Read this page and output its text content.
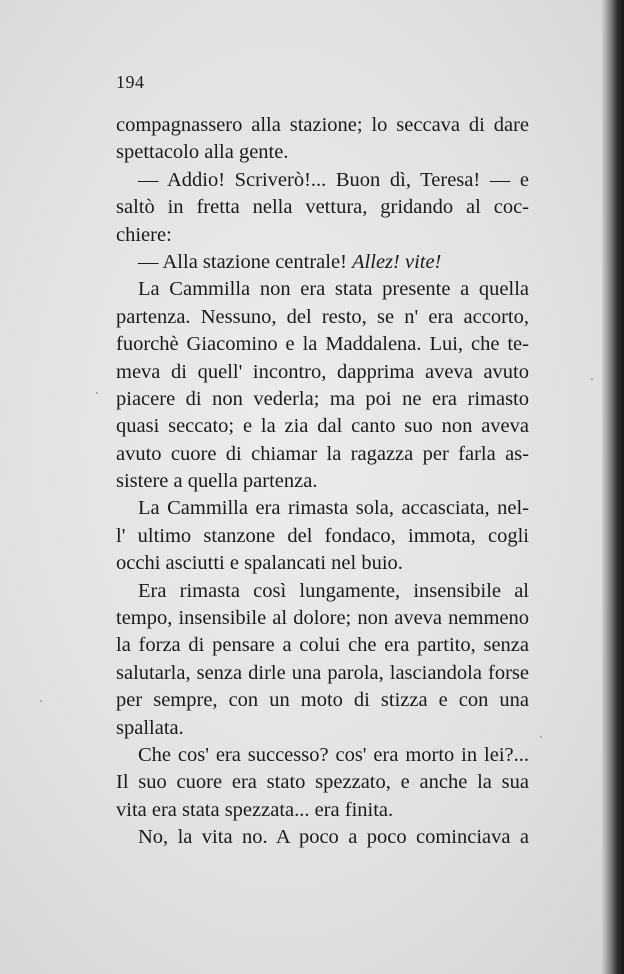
194
compagnassero alla stazione; lo seccava di dare
spettacolo alla gente.
— Addio! Scriverò!... Buon dì, Teresa! — e
saltò in fretta nella vettura, gridando al coc-
chiere:
— Alla stazione centrale! Allez! vite!
La Cammilla non era stata presente a quella
partenza. Nessuno, del resto, se n' era accorto,
fuorchè Giacomino e la Maddalena. Lui, che te-
meva di quell' incontro, dapprima aveva avuto
piacere di non vederla; ma poi ne era rimasto
quasi seccato; e la zia dal canto suo non aveva
avuto cuore di chiamar la ragazza per farla as-
sistere a quella partenza.
La Cammilla era rimasta sola, accasciata, nel-
l' ultimo stanzone del fondaco, immota, cogli
occhi asciutti e spalancati nel buio.
Era rimasta così lungamente, insensibile al
tempo, insensibile al dolore; non aveva nemmeno
la forza di pensare a colui che era partito, senza
salutarla, senza dirle una parola, lasciandola forse
per sempre, con un moto di stizza e con una
spallata.
Che cos' era successo? cos' era morto in lei?...
Il suo cuore era stato spezzato, e anche la sua
vita era stata spezzata... era finita.
No, la vita no. A poco a poco cominciava a
